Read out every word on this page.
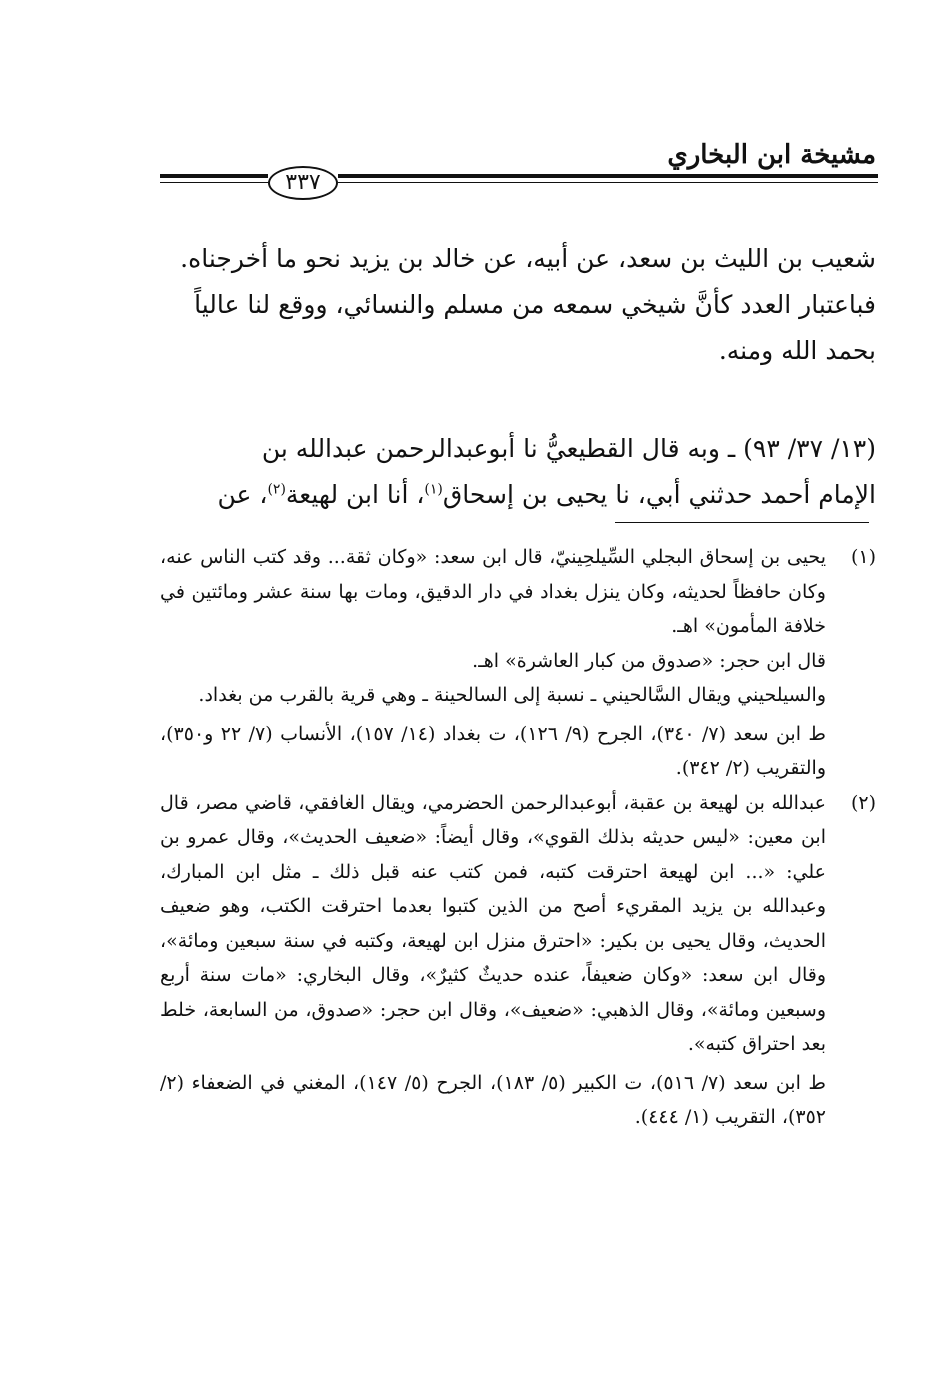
مشيخة ابن البخاري
٣٣٧

شعيب بن الليث بن سعد، عن أبيه، عن خالد بن يزيد نحو ما أخرجناه.

فباعتبار العدد كأنَّ شيخي سمعه من مسلم والنسائي، ووقع لنا عالياً

بحمد الله ومنه.

(١٣/ ٣٧/ ٩٣) ـ وبه قال القطيعيُّ نا أبوعبدالرحمن عبدالله بن

الإمام أحمد حدثني أبي، نا يحيى بن إسحاق$^{(١)}$، أنا ابن لهيعة$^{(٢)}$، عن

(١)

يحيى بن إسحاق البجلي السِّيلحِينيّ، قال ابن سعد: «وكان ثقة... وقد كتب الناس عنه، وكان حافظاً لحديثه، وكان ينزل بغداد في دار الدقيق، ومات بها سنة عشر ومائتين في خلافة المأمون» اهـ.

قال ابن حجر: «صدوق من كبار العاشرة» اهـ.

والسيلحيني ويقال السَّالحيني ـ نسبة إلى السالحينة ـ وهي قرية بالقرب من بغداد.

ط ابن سعد (٧/ ٣٤٠)، الجرح (٩/ ١٢٦)، ت بغداد (١٤/ ١٥٧)، الأنساب (٧/ ٢٢ و٣٥٠)، والتقريب (٢/ ٣٤٢).

(٢)

عبدالله بن لهيعة بن عقبة، أبوعبدالرحمن الحضرمي، ويقال الغافقي، قاضي مصر، قال ابن معين: «ليس حديثه بذلك القوي»، وقال أيضاً: «ضعيف الحديث»، وقال عمرو بن علي: «... ابن لهيعة احترقت كتبه، فمن كتب عنه قبل ذلك ـ مثل ابن المبارك، وعبدالله بن يزيد المقريء أصح من الذين كتبوا بعدما احترقت الكتب، وهو ضعيف الحديث، وقال يحيى بن بكير: «احترق منزل ابن لهيعة، وكتبه في سنة سبعين ومائة»، وقال ابن سعد: «وكان ضعيفاً، عنده حديثٌ كثيرٌ»، وقال البخاري: «مات سنة أربع وسبعين ومائة»، وقال الذهبي: «ضعيف»، وقال ابن حجر: «صدوق، من السابعة، خلط بعد احتراق كتبه».

ط ابن سعد (٧/ ٥١٦)، ت الكبير (٥/ ١٨٣)، الجرح (٥/ ١٤٧)، المغني في الضعفاء (٢/ ٣٥٢)، التقريب (١/ ٤٤٤).
